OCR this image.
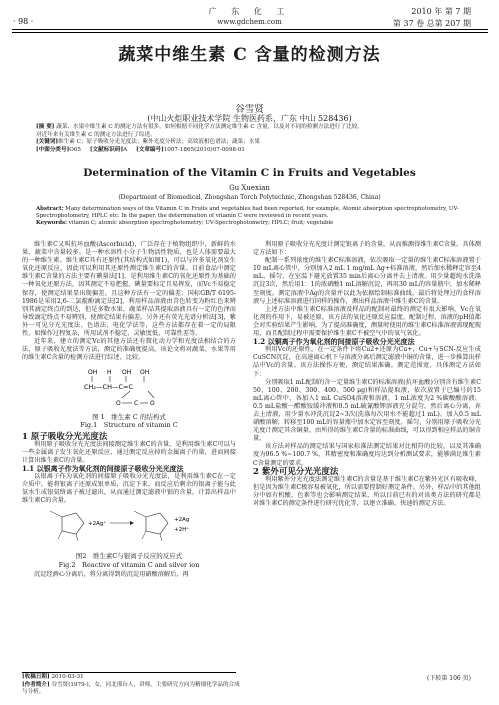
· 98 ·
广 东 化 工
www.gdchem.com
2010 年 第 7 期
第 37 卷 总第 207 期
蔬菜中维生素 C 含量的检测方法
谷雪贤
(中山火炬职业技术学院 生物医药系，广东 中山 528436)
[摘 要] 蔬菜、水果中维生素 C 的测定方法有很多，如何根据不同化学方法测定维生素 C 含量，以及对不同的检测方法进行了比较。
对近年来有关维生素 C 的测定方法进行了综述。
[关键词]维生素 C；原子吸收分光光度法；紫外光度分析法；高效液相色谱法；蔬菜；水果
[中图分类号]O65 [文献标识码]A [文章编号]1007-1865(2010)07-0098-01
Determination of the Vitamin C in Fruits and Vegetables
Gu Xuexian
(Department of Biomedical, Zhongshan Torch Polytechnic, Zhongshan 528436, China)
Abstract: Many determination ways of the Vitamin C in Fruits and vegetables had been reported, for example, Atomic absorption spectrophotometry, UV-Spectrophotometry, HPLC etc. In the paper, the determination of vitamin C were reviewed in recent years.
Keywords: vitamin C; atomic absorption spectrophotometry; UV-Spectrophotometry; HPLC; fruit; vegetable

维生素C又叫抗坏血酸(Ascorbicid)，广泛存在于植物组织中，新鲜的水果、蔬菜中含量较多。是一种水溶性小分子生物活性物质，也是人体需要最大的一种维生素。维生素C具有还原性(其结构式如图1)，可以与许多氧化剂发生氧化还原反应，因此可以利用其还原性测定维生素C的含量。目前食品中测定维生素C含量的方法主要有碘量法[1]、是利用维生素C的氧化还原性为基础的一种氧化还原方法，因其测定不易把握，碘量要标定且易挥发，而Vc不易稳定保存，使测定结果显出现偏差，且这种方法有一定的偏差；国标GB/T 6195-1986是采用2,6-二氯靛酚滴定法[2]，利用样品溶液由青色转变为粉红色来辨别其滴定终点的到达，但是多数水果、蔬菜样品其提取溶液具有一定的色泽而导致滴定终点不易辨别，使测定结果有偏差。另外还有荧光光谱分析法[3]，紫外一可见分光光度法、色谱法、电化学法等，这些方法都存在着一定的局限性，如操作过程复杂，所用试剂不稳定，灵敏度低，可靠性差等。

近年来，建立的测定Vc的其他方法还有微化动力学和光度法相结合的方法、原子吸收光度法等方法，测定的准确度提高。该论文将对蔬菜、水果等用的维生素C含量的检测方法进行综述、比较。

OH H OH OH
CH₂—CH—C=C
O	O
C
图 1　维生素 C 的结构式
Fig.1　Structure of vitamin C
1 原子吸收分光光度法

利用原子吸收分光光度法间接测定维生素C的含量，是利用维生素C可以与一些金属离子发生氧化还原反应，通过测定反应掉的金属离子的量，进而间接计算出维生素C的含量。

1.1 以银离子作为氧化剂的间接原子吸收分光光度法

以银离子作为氧化剂的间接原子吸收分光光度法，是利用维生素C在一定介质中，能将银离子还原成银单质，沉淀下来，而反应后剩余的银离子能与此氨水生成银氨络离子被过滤出，从而通过测定滤液中银的含量，计算出样品中维生素C的含量。

+2Ag⁺
+2Ag
+2H⁺
图2　维生素C与银离子反应的反应式
Fig.2　Reactive of vitamin C and silver ion

沉淀经酒心分离后，将分离得到的沉淀用硝酸溶解后，再

利用原子吸收分光光度计测定银离子的含量，从而推测得维生素C含量。具体测定方法如下：

配制一系列浓度的维生素C标准溶液，依次吸取一定量的维生素C标准溶液置于10 mL离心管中，分别加入2 mL 1 mg/mL Ag+标准溶液，然后加水稀释定容至4 mL，摇匀，在室温下避光放置35 min后离心分离并去上清液。用少量超纯水洗涤沉淀3次，然后用1：1的浓硝酸1 mL溶解沉淀，再用30 mL的容量瓶中，加水稀释至刻度。测定溶液中Ag的含量并以此为依据绘制标准曲线。最后将处理过的食样溶液与上述标准溶液进行同样的操作，测出样品溶液中维生素C的含量。

上述方法中维生素C标准溶液及样品的配制对最终的测定有很大影响，Vc在氧化剂的作用下，易被还原。该方法的氧化还原反应温度、配制过程、溶液的pH值都会对实验结果产生影响。为了提高准确度，测量时使用的维生素C标准溶液需现配现用，而且配制过程中需要保护维生素C不被空气中的氧气氧化。

1.2 以铜离子作为氧化剂的间接原子吸收分光光度法

利用Vc的还原性，在一定条件下将Cu2+还原为Cu+，Cu+与SCN-反应生成CuSCN沉淀，在高速离心机下与溶液分离后测定滤液中铜的含量，进一步推算出样品中Vc的含量。该方法操作方便，测定结果准确。测定范围宽，具体测定方法如下：

分别吸取1 mL配制的含一定量维生素C的标准溶液(抗坏血酸)分别含有维生素C 50、100、200、300、400、500 μg)和样品提取液，依次放置于已编号的15 mL离心管中，各加入1 mL CuSO4溶液和溶液，1 mL浓度为2 %碳酸酸溶液、0.5 mL盐酸一醋酸铵缓冲液和0.5 mL硫氰酸钾溶液充分混匀，然后离心分离，弃去上清液，用少量水冲洗沉淀2~3次(洗涤每次用水不能超过1 mL)，加入0.5 mL硝酸溶解，转移至100 mL的容量瓶中加水定容至刻度。摇匀，分别用原子吸收分光光度计测定其含铜量，由所得的维生素C含量的标准曲线，可以得到相应样品的铜含量。

该方法对样品的测定结果与国家标准法测定结果对比相符的比较，以及其准确度为96.5 %~100.7 %，其精密度和准确度均达到分析测试要求，能够满足维生素C含量测定的要求。

2 紫外可见分光光度法

利用紫外分光光度法测定维生素C的含量是基于维生素C在紫外光区有吸收峰，但是因为维生素C极容易被氧化，所以需要控制好测定条件。另外，样品中的其他组分中如有机酸、色素等也会影响测定结果，所以目前已有的对该类方法的研究都是对维生素C的测定条件进行研究优化等，以建立准确、快速的测定方法。

(下转第 106 页)
[收稿日期] 2010-03-31
[作者简介] 谷雪贤(1979-)，女，河北邢台人，讲师，主要研究方向为精细化学品的合成与分析。
